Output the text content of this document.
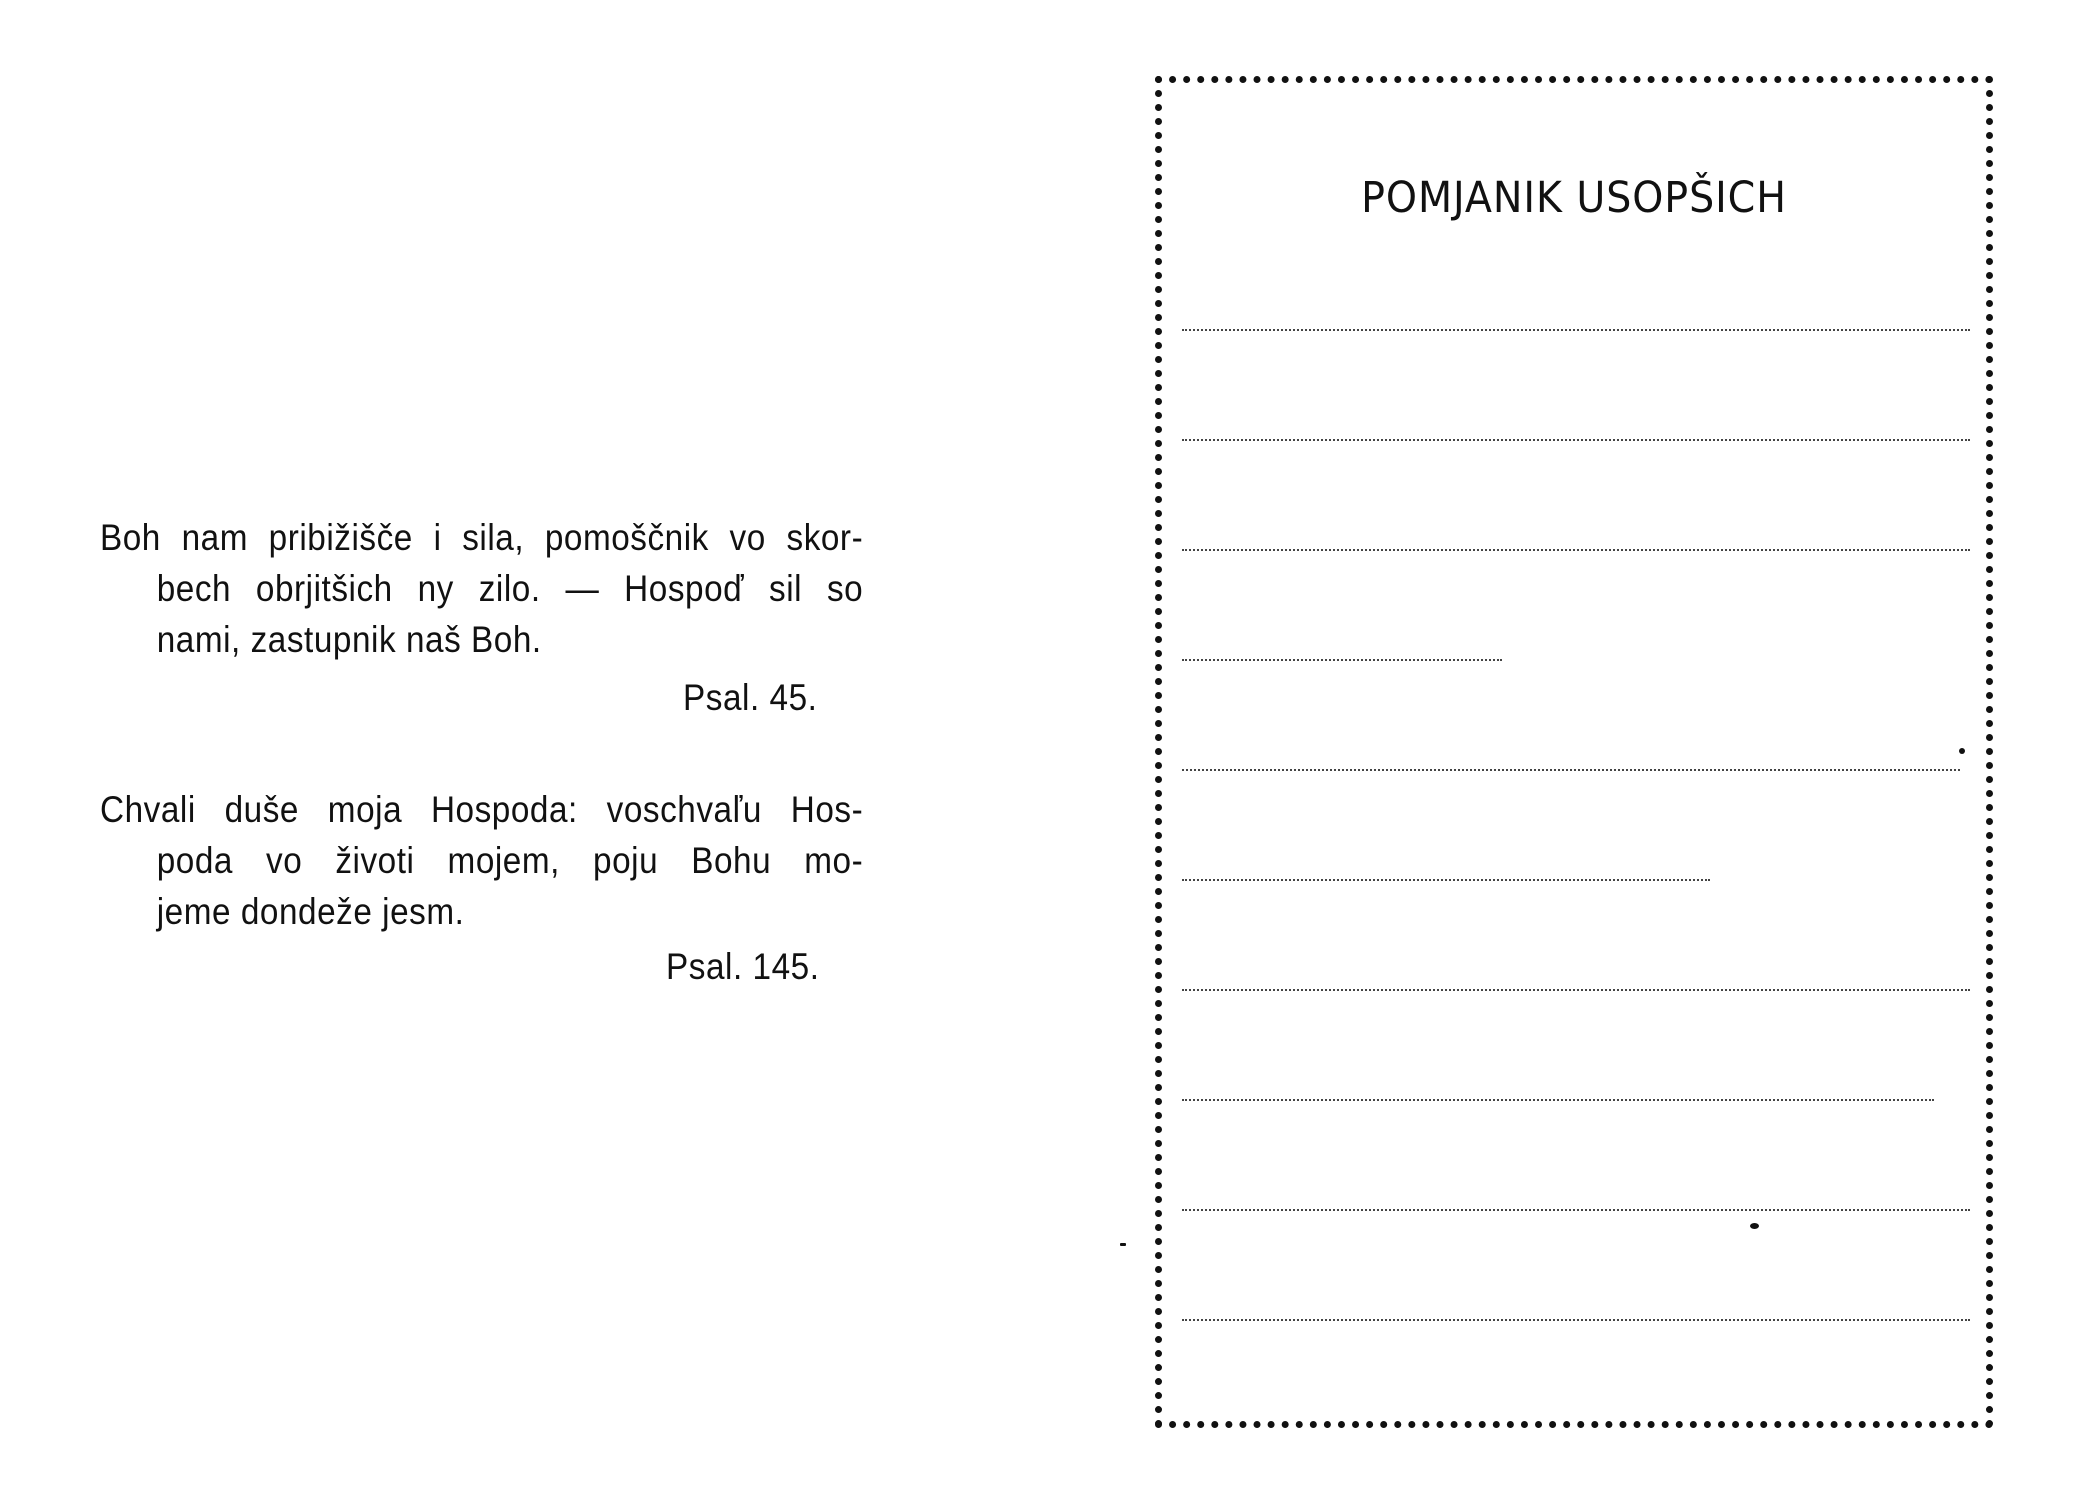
Boh nam pribižišče i sila, pomoščnik vo skor-
bech obrjitšich ny zilo. — Hospoď sil so
nami, zastupnik naš Boh.
Psal. 45.
Chvali duše moja Hospoda: voschvaľu Hos-
poda vo životi mojem, poju Bohu mo-
jeme dondeže jesm.
Psal. 145.
POMJANIK USOPŠICH
